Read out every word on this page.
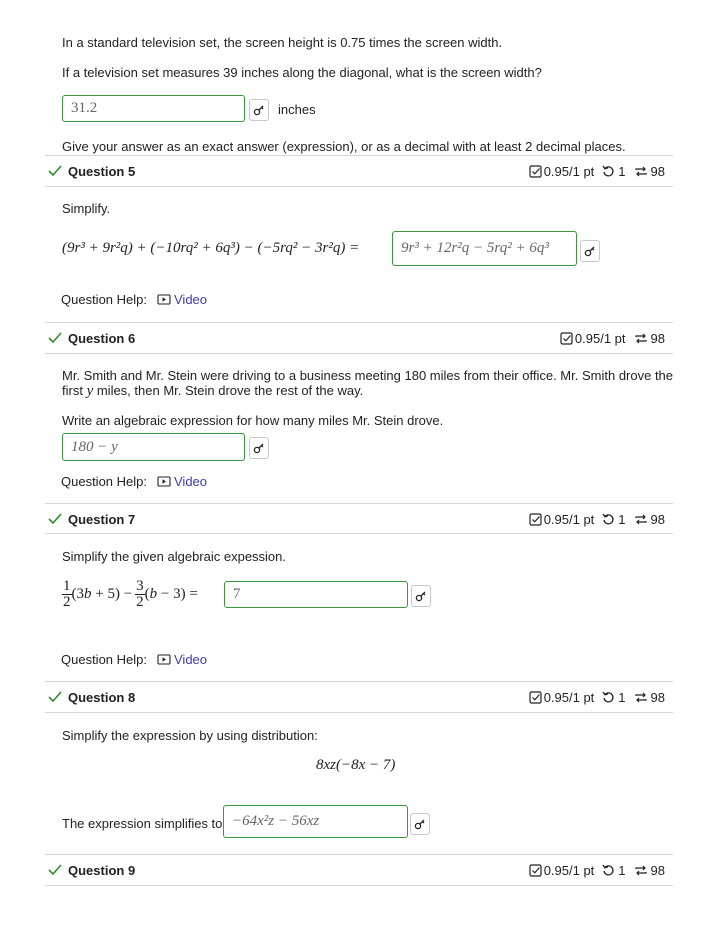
In a standard television set, the screen height is 0.75 times the screen width.

If a television set measures 39 inches along the diagonal, what is the screen width?

31.2	inches

Give your answer as an exact answer (expression), or as a decimal with at least 2 decimal places.

Question 5	0.95/1 pt 1 98

Simplify.

(9r³ + 9r²q) + (−10rq² + 6q³) − (−5rq² − 3r²q) =	9r³ + 12r²q − 5rq² + 6q³
Question Help: Video
Question 6	0.95/1 pt 98

Mr. Smith and Mr. Stein were driving to a business meeting 180 miles from their office. Mr. Smith drove the

first y miles, then Mr. Stein drove the rest of the way.

Write an algebraic expression for how many miles Mr. Stein drove.

180 − y
Question Help: Video
Question 7	0.95/1 pt 1 98

Simplify the given algebraic expession.

$\frac{1}{2} (3b + 5) - \frac{3}{2} (b - 3)$ =	7
Question Help: Video
Question 8	0.95/1 pt 1 98

Simplify the expression by using distribution:

8xz(−8x − 7)
The expression simplifies to −64x²z − 56xz
Question 9	0.95/1 pt 1 98
